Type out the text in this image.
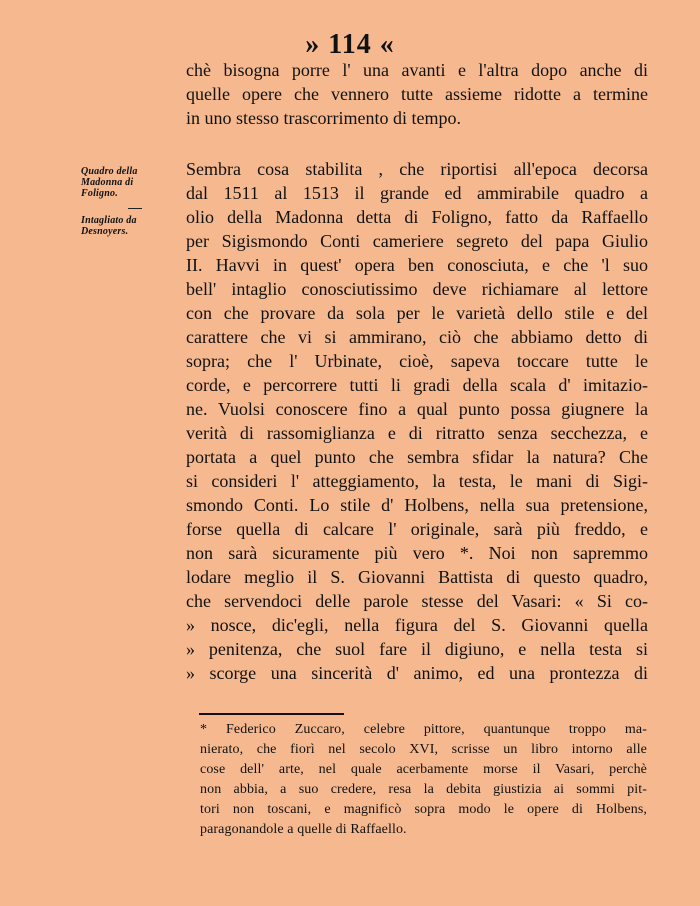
» 114 «
Quadro della
Madonna di
Foligno.
Intagliato da
Desnoyers.
chè bisogna porre l' una avanti e l'altra dopo anche di
quelle opere che vennero tutte assieme ridotte a termine
in uno stesso trascorrimento di tempo.
Sembra cosa stabilita , che riportisi all'epoca decorsa
dal 1511 al 1513 il grande ed ammirabile quadro a
olio della Madonna detta di Foligno, fatto da Raffaello
per Sigismondo Conti cameriere segreto del papa Giulio
II. Havvi in quest' opera ben conosciuta, e che 'l suo
bell' intaglio conosciutissimo deve richiamare al lettore
con che provare da sola per le varietà dello stile e del
carattere che vi si ammirano, ciò che abbiamo detto di
sopra; che l' Urbinate, cioè, sapeva toccare tutte le
corde, e percorrere tutti li gradi della scala d' imitazio-
ne. Vuolsi conoscere fino a qual punto possa giugnere la
verità di rassomiglianza e di ritratto senza secchezza, e
portata a quel punto che sembra sfidar la natura? Che
si consideri l' atteggiamento, la testa, le mani di Sigi-
smondo Conti. Lo stile d' Holbens, nella sua pretensione,
forse quella di calcare l' originale, sarà più freddo, e
non sarà sicuramente più vero *. Noi non sapremmo
lodare meglio il S. Giovanni Battista di questo quadro,
che servendoci delle parole stesse del Vasari: « Si co-
» nosce, dic'egli, nella figura del S. Giovanni quella
» penitenza, che suol fare il digiuno, e nella testa si
» scorge una sincerità d' animo, ed una prontezza di
* Federico Zuccaro, celebre pittore, quantunque troppo ma-
nierato, che fiorì nel secolo XVI, scrisse un libro intorno alle
cose dell' arte, nel quale acerbamente morse il Vasari, perchè
non abbia, a suo credere, resa la debita giustizia ai sommi pit-
tori non toscani, e magnificò sopra modo le opere di Holbens,
paragonandole a quelle di Raffaello.
